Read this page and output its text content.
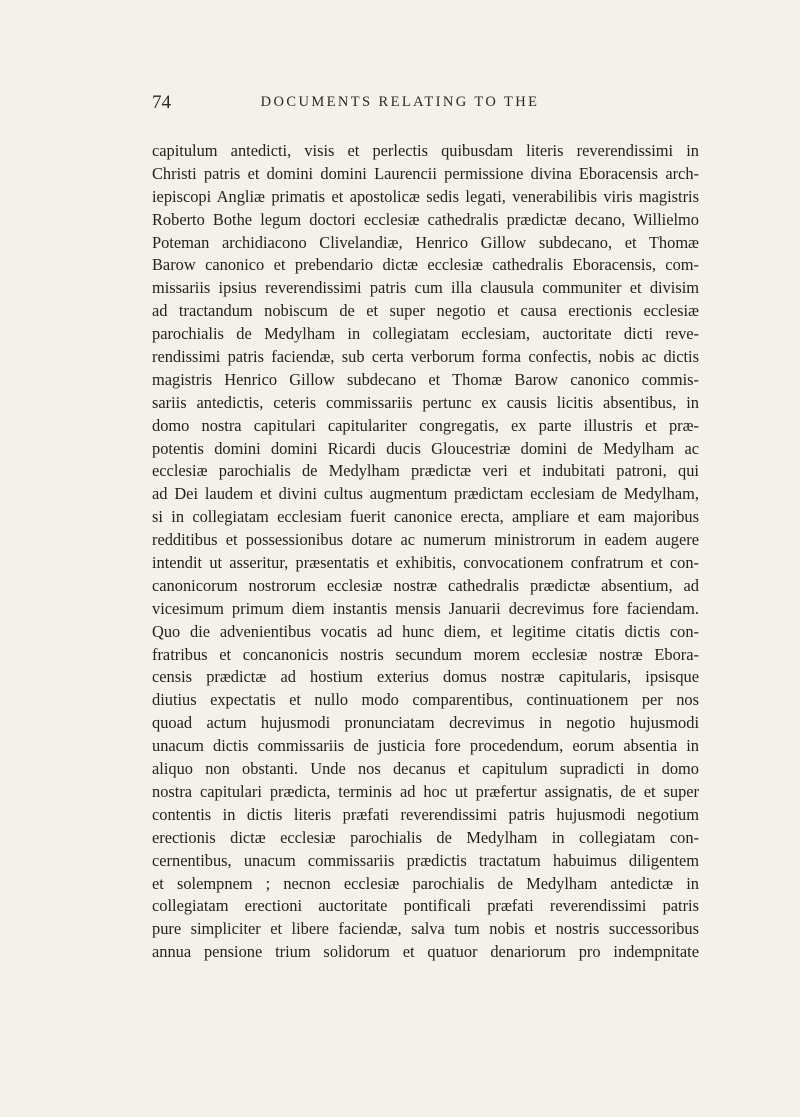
74	DOCUMENTS RELATING TO THE
capitulum antedicti, visis et perlectis quibusdam literis reverendissimi in
Christi patris et domini domini Laurencii permissione divina Eboracensis arch-
iepiscopi Angliæ primatis et apostolicæ sedis legati, venerabilibis viris magistris
Roberto Bothe legum doctori ecclesiæ cathedralis prædictæ decano, Willielmo
Poteman archidiacono Clivelandiæ, Henrico Gillow subdecano, et Thomæ
Barow canonico et prebendario dictæ ecclesiæ cathedralis Eboracensis, com-
missariis ipsius reverendissimi patris cum illa clausula communiter et divisim
ad tractandum nobiscum de et super negotio et causa erectionis ecclesiæ
parochialis de Medylham in collegiatam ecclesiam, auctoritate dicti reve-
rendissimi patris faciendæ, sub certa verborum forma confectis, nobis ac dictis
magistris Henrico Gillow subdecano et Thomæ Barow canonico commis-
sariis antedictis, ceteris commissariis pertunc ex causis licitis absentibus, in
domo nostra capitulari capitulariter congregatis, ex parte illustris et præ-
potentis domini domini Ricardi ducis Gloucestriæ domini de Medylham ac
ecclesiæ parochialis de Medylham prædictæ veri et indubitati patroni, qui
ad Dei laudem et divini cultus augmentum prædictam ecclesiam de Medylham,
si in collegiatam ecclesiam fuerit canonice erecta, ampliare et eam majoribus
redditibus et possessionibus dotare ac numerum ministrorum in eadem augere
intendit ut asseritur, præsentatis et exhibitis, convocationem confratrum et con-
canonicorum nostrorum ecclesiæ nostræ cathedralis prædictæ absentium, ad
vicesimum primum diem instantis mensis Januarii decrevimus fore faciendam.
Quo die advenientibus vocatis ad hunc diem, et legitime citatis dictis con-
fratribus et concanonicis nostris secundum morem ecclesiæ nostræ Ebora-
censis prædictæ ad hostium exterius domus nostræ capitularis, ipsisque
diutius expectatis et nullo modo comparentibus, continuationem per nos
quoad actum hujusmodi pronunciatam decrevimus in negotio hujusmodi
unacum dictis commissariis de justicia fore procedendum, eorum absentia in
aliquo non obstanti. Unde nos decanus et capitulum supradicti in domo
nostra capitulari prædicta, terminis ad hoc ut præfertur assignatis, de et super
contentis in dictis literis præfati reverendissimi patris hujusmodi negotium
erectionis dictæ ecclesiæ parochialis de Medylham in collegiatam con-
cernentibus, unacum commissariis prædictis tractatum habuimus diligentem
et solempnem ; necnon ecclesiæ parochialis de Medylham antedictæ in
collegiatam erectioni auctoritate pontificali præfati reverendissimi patris
pure simpliciter et libere faciendæ, salva tum nobis et nostris successoribus
annua pensione trium solidorum et quatuor denariorum pro indempnitate
